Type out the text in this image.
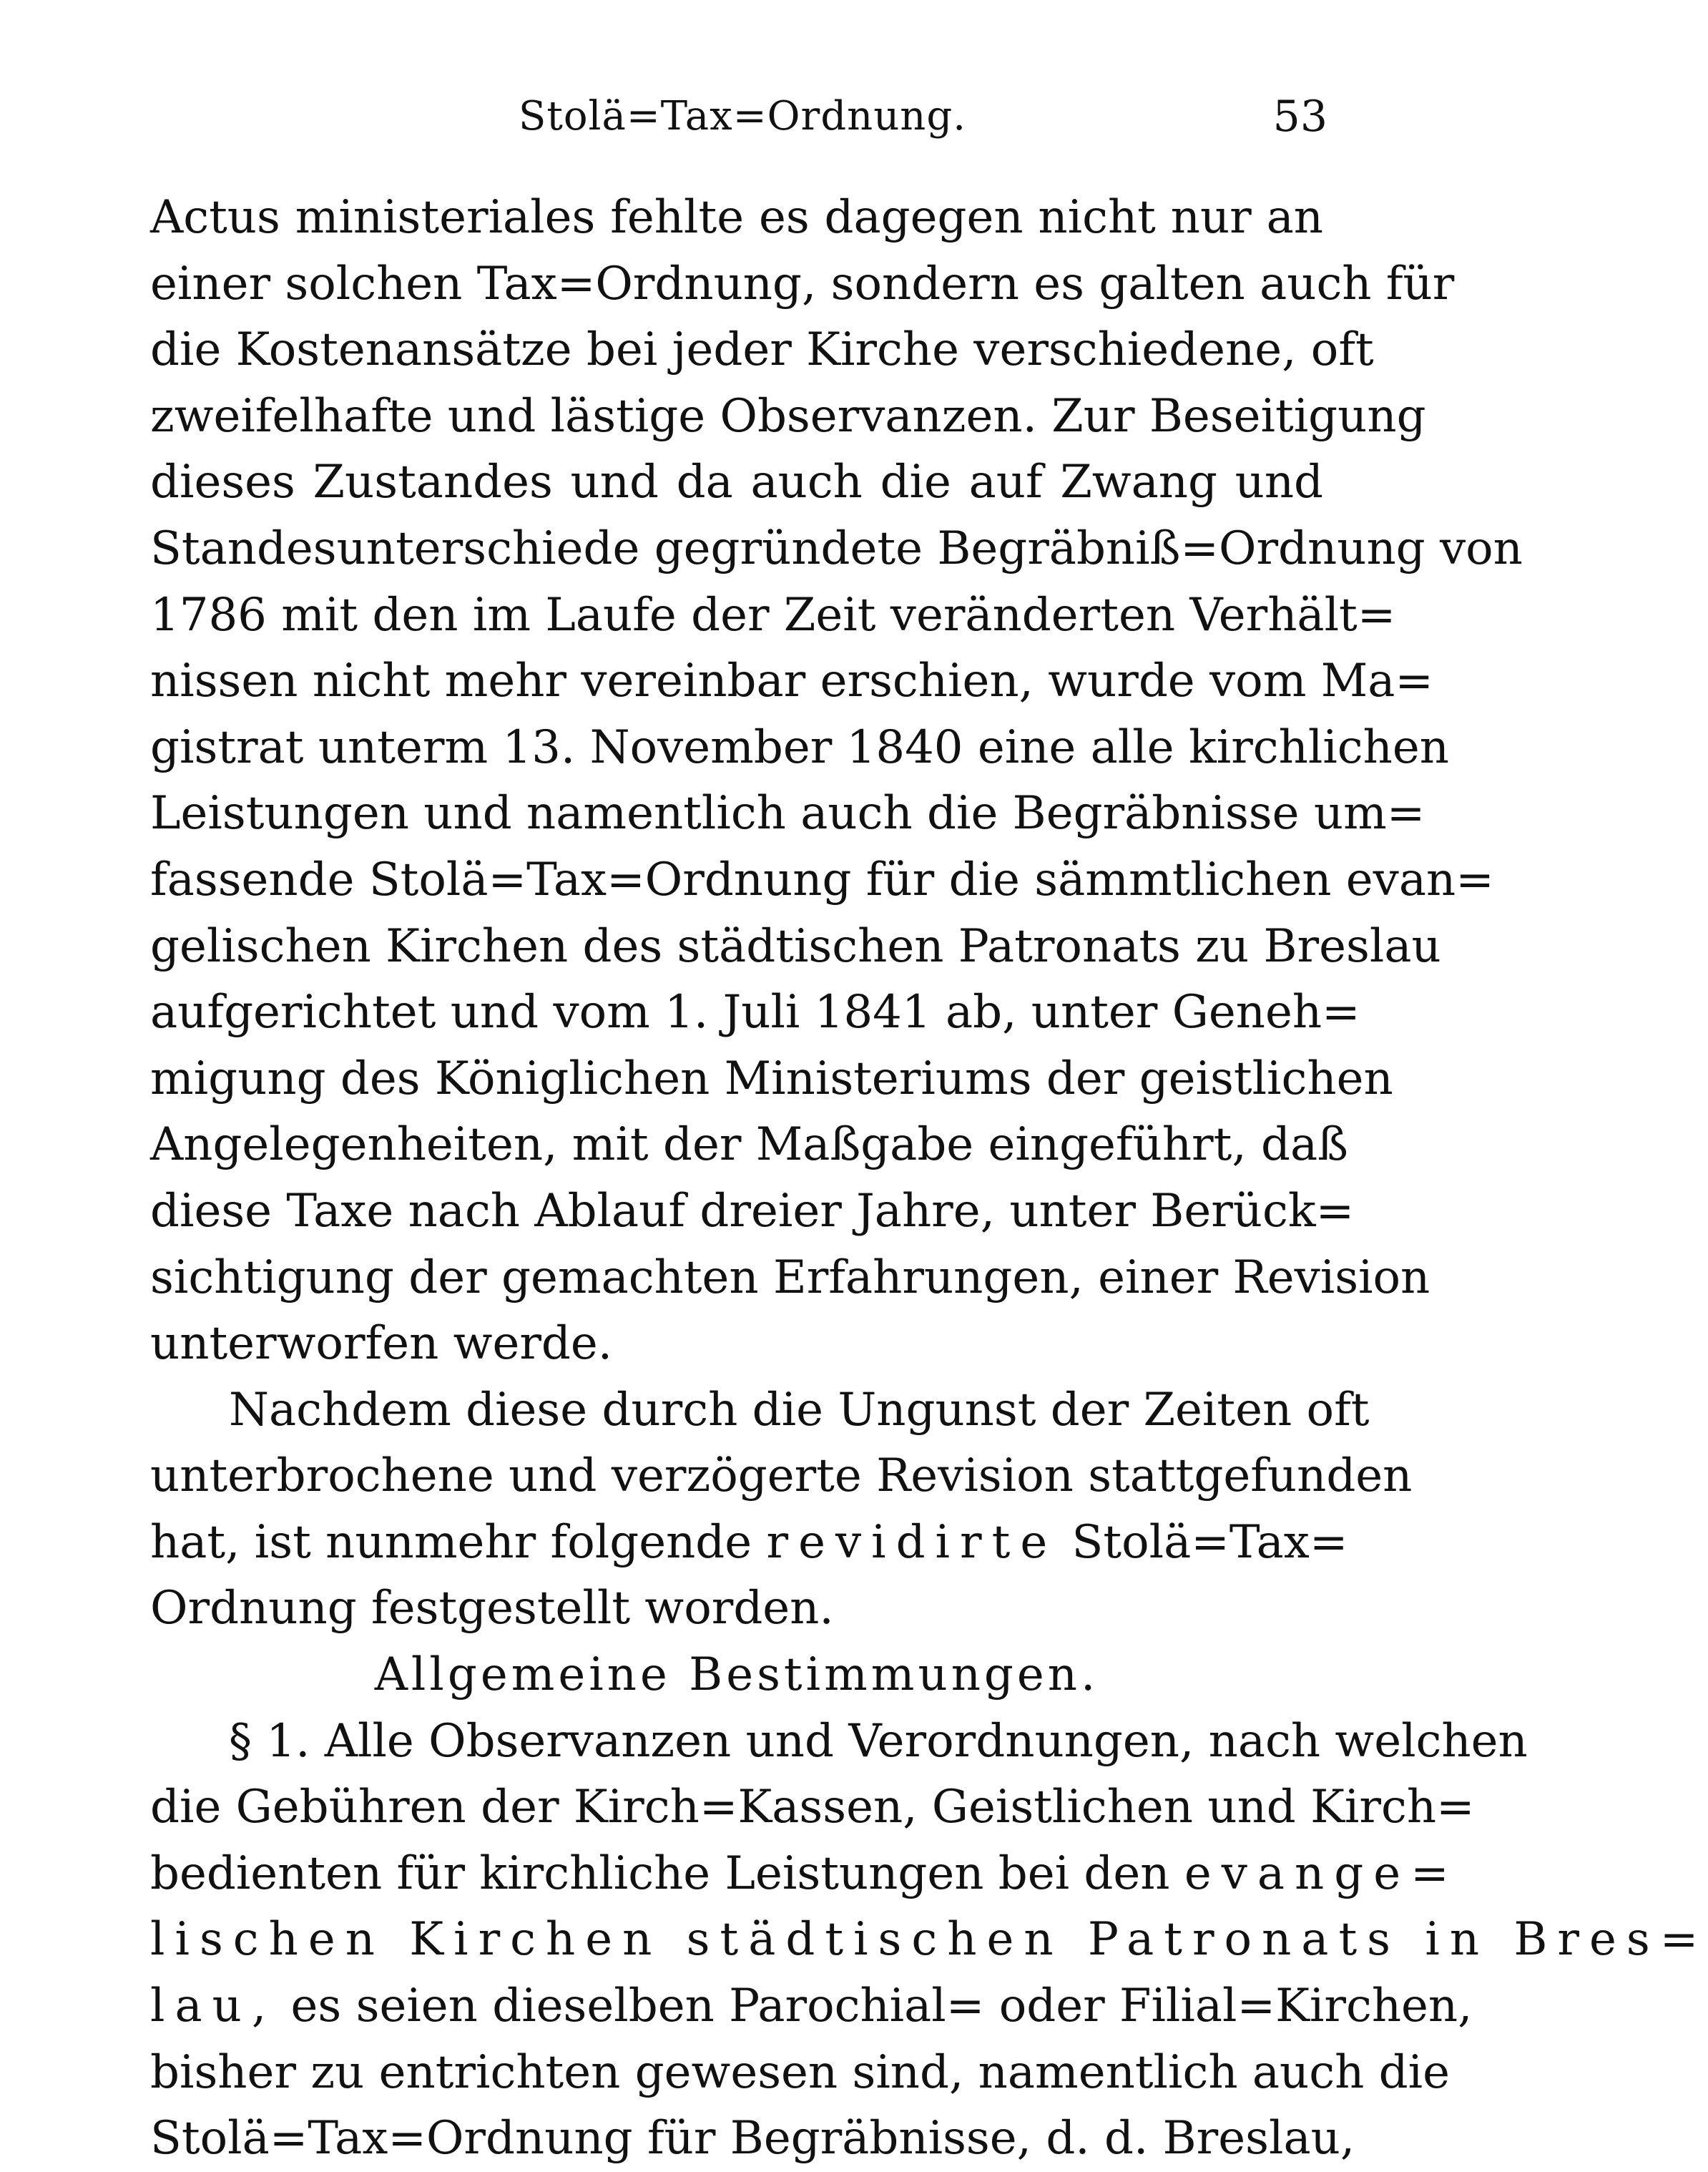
Stolä=Tax=Ordnung.	53
Actus ministeriales fehlte es dagegen nicht nur an
einer solchen Tax=Ordnung, sondern es galten auch für
die Kostenansätze bei jeder Kirche verschiedene, oft
zweifelhafte und lästige Observanzen. Zur Beseitigung
dieses Zustandes und da auch die auf Zwang und
Standesunterschiede gegründete Begräbniß=Ordnung von
1786 mit den im Laufe der Zeit veränderten Verhält=
nissen nicht mehr vereinbar erschien, wurde vom Ma=
gistrat unterm 13. November 1840 eine alle kirchlichen
Leistungen und namentlich auch die Begräbnisse um=
fassende Stolä=Tax=Ordnung für die sämmtlichen evan=
gelischen Kirchen des städtischen Patronats zu Breslau
aufgerichtet und vom 1. Juli 1841 ab, unter Geneh=
migung des Königlichen Ministeriums der geistlichen
Angelegenheiten, mit der Maßgabe eingeführt, daß
diese Taxe nach Ablauf dreier Jahre, unter Berück=
sichtigung der gemachten Erfahrungen, einer Revision
unterworfen werde.
Nachdem diese durch die Ungunst der Zeiten oft
unterbrochene und verzögerte Revision stattgefunden
hat, ist nunmehr folgende revidirte Stolä=Tax=
Ordnung festgestellt worden.
Allgemeine Bestimmungen.
§ 1. Alle Observanzen und Verordnungen, nach welchen
die Gebühren der Kirch=Kassen, Geistlichen und Kirch=
bedienten für kirchliche Leistungen bei den evange=
lischen Kirchen städtischen Patronats in Bres=
lau, es seien dieselben Parochial= oder Filial=Kirchen,
bisher zu entrichten gewesen sind, namentlich auch die
Stolä=Tax=Ordnung für Begräbnisse, d. d. Breslau,
